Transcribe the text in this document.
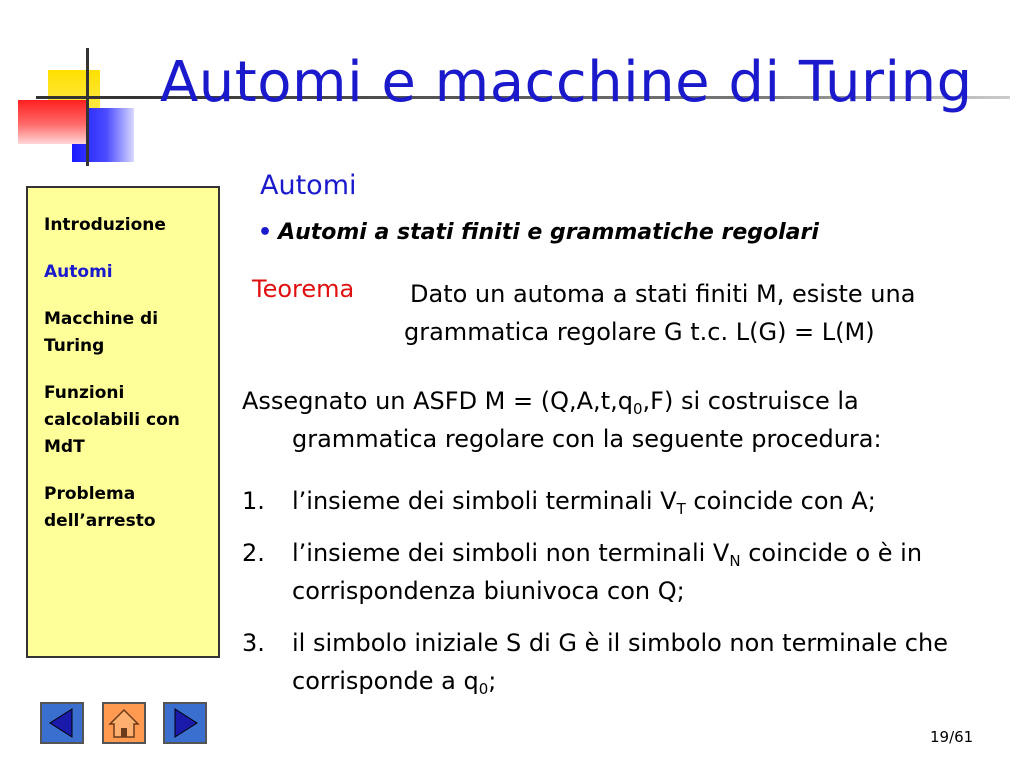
Automi e macchine di Turing
Introduzione
Automi
Macchine di Turing
Funzioni calcolabili con MdT
Problema dell’arresto
Automi
• Automi a stati finiti e grammatiche regolari
Teorema Dato un automa a stati finiti M, esiste una
grammatica regolare G t.c. L(G) = L(M)
Assegnato un ASFD $M = (Q,A,t,q_0,F)$ si costruisce la
grammatica regolare con la seguente procedura:
1. l’insieme dei simboli terminali $V_T$ coincide con A;
2. l’insieme dei simboli non terminali $V_N$ coincide o è in corrispondenza biunivoca con Q;
3. il simbolo iniziale S di G è il simbolo non terminale che corrisponde a $q_0$;
19/61
